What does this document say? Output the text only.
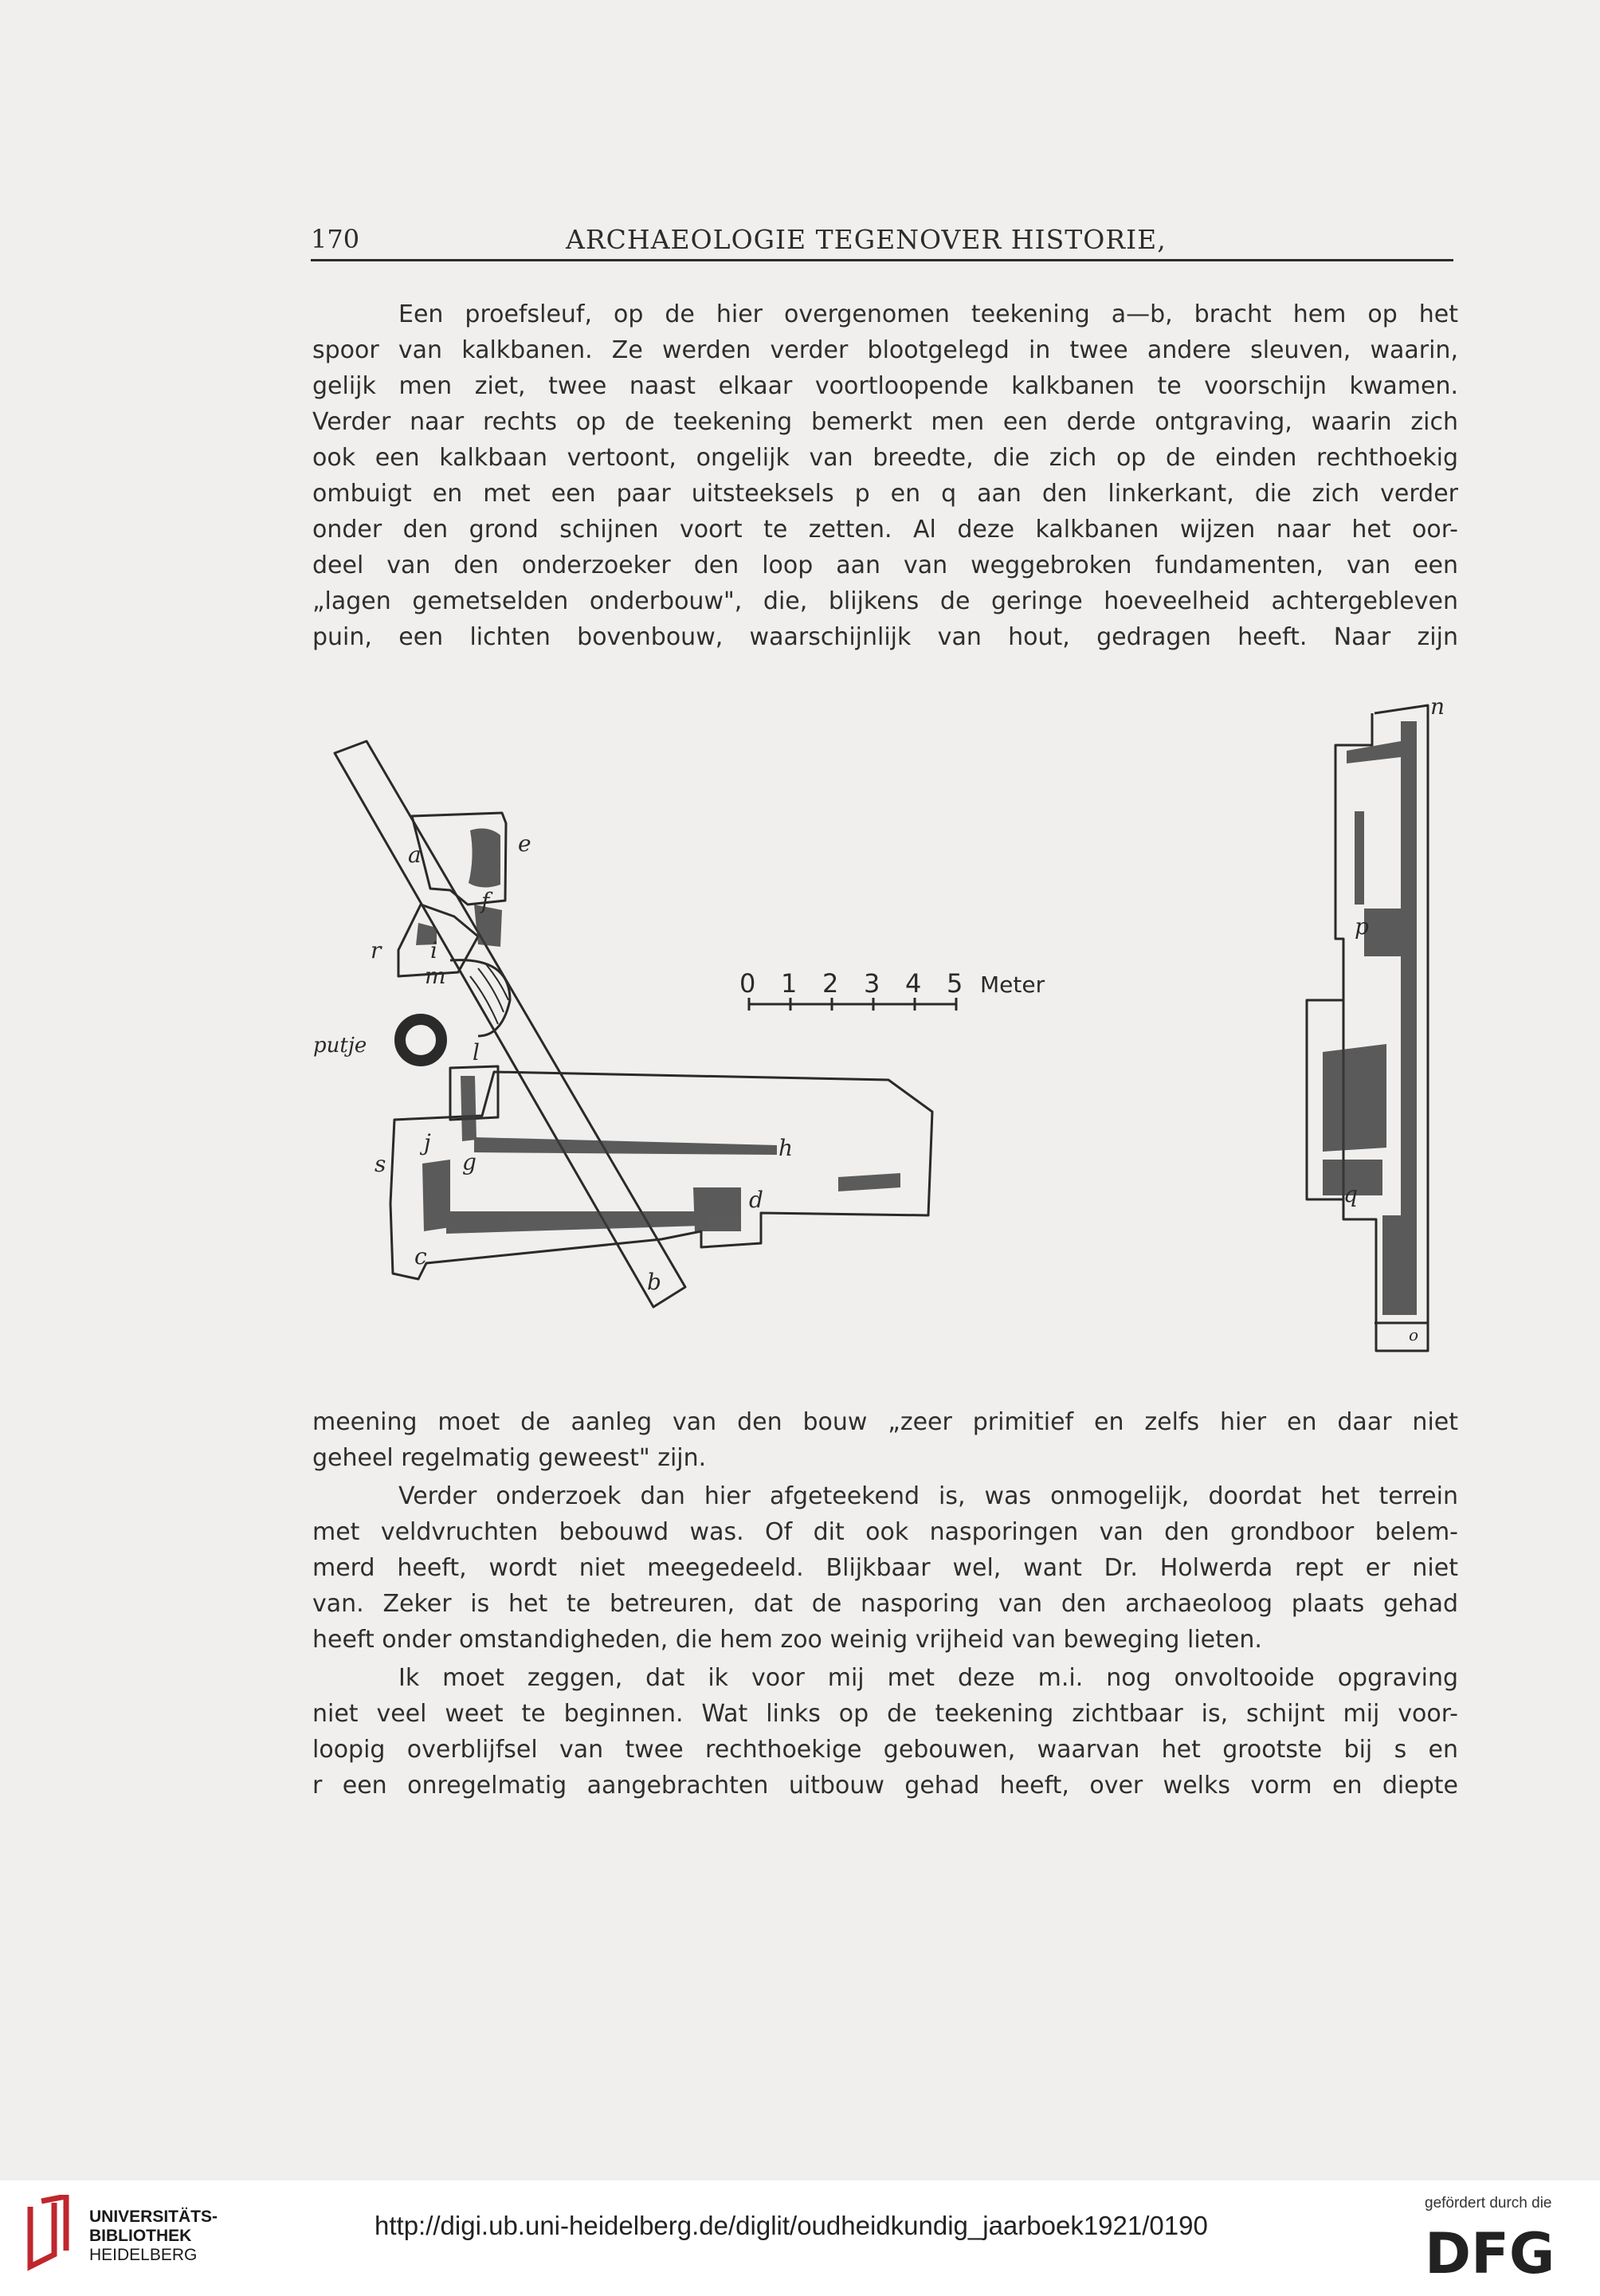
170	ARCHAEOLOGIE TEGENOVER HISTORIE,

Een proefsleuf, op de hier overgenomen teekening a—b, bracht hem op het
spoor van kalkbanen. Ze werden verder blootgelegd in twee andere sleuven, waarin,
gelijk men ziet, twee naast elkaar voortloopende kalkbanen te voorschijn kwamen.
Verder naar rechts op de teekening bemerkt men een derde ontgraving, waarin zich
ook een kalkbaan vertoont, ongelijk van breedte, die zich op de einden rechthoekig
ombuigt en met een paar uitsteeksels p en q aan den linkerkant, die zich verder
onder den grond schijnen voort te zetten. Al deze kalkbanen wijzen naar het oor-
deel van den onderzoeker den loop aan van weggebroken fundamenten, van een
„lagen gemetselden onderbouw", die, blijkens de geringe hoeveelheid achtergebleven
puin, een lichten bovenbouw, waarschijnlijk van hout, gedragen heeft. Naar zijn

a	e
f
r i
m
l
j
s	g
h
d
c
b
n
p
q
o
putje
0 1 2 3 4 5 Meter

meening moet de aanleg van den bouw „zeer primitief en zelfs hier en daar niet
geheel regelmatig geweest" zijn.

Verder onderzoek dan hier afgeteekend is, was onmogelijk, doordat het terrein
met veldvruchten bebouwd was. Of dit ook nasporingen van den grondboor belem-
merd heeft, wordt niet meegedeeld. Blijkbaar wel, want Dr. Holwerda rept er niet
van. Zeker is het te betreuren, dat de nasporing van den archaeoloog plaats gehad
heeft onder omstandigheden, die hem zoo weinig vrijheid van beweging lieten.

Ik moet zeggen, dat ik voor mij met deze m.i. nog onvoltooide opgraving
niet veel weet te beginnen. Wat links op de teekening zichtbaar is, schijnt mij voor-
loopig overblijfsel van twee rechthoekige gebouwen, waarvan het grootste bij s en
r een onregelmatig aangebrachten uitbouw gehad heeft, over welks vorm en diepte

UNIVERSITÄTS-
BIBLIOTHEK
HEIDELBERG
http://digi.ub.uni-heidelberg.de/diglit/oudheidkundig_jaarboek1921/0190
gefördert durch die
DFG
